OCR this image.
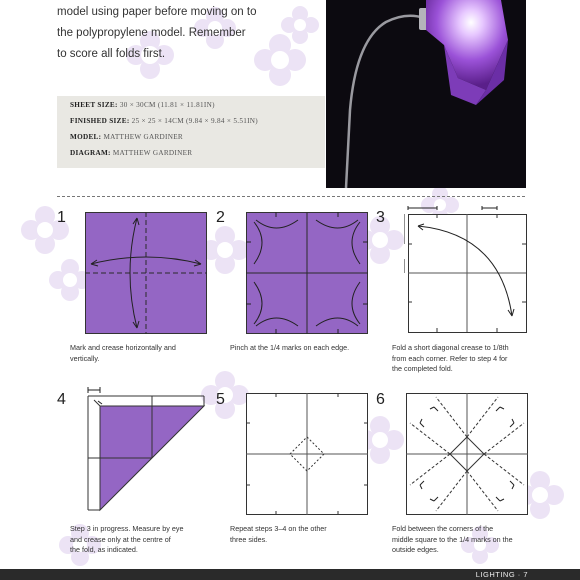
model using paper before moving on to
the polypropylene model. Remember
to score all folds first.
SHEET SIZE: 30 × 30CM (11.81 × 11.81IN)
FINISHED SIZE: 25 × 25 × 14CM (9.84 × 9.84 × 5.51IN)
MODEL: MATTHEW GARDINER
DIAGRAM: MATTHEW GARDINER
1	2	3
4	5	6
Mark and crease horizontally and
vertically.
Pinch at the 1/4 marks on each edge.	Fold a short diagonal crease to 1/8th
from each corner. Refer to step 4 for
the completed fold.
Step 3 in progress. Measure by eye
and crease only at the centre of
the fold, as indicated.
Repeat steps 3–4 on the other
three sides.
Fold between the corners of the
middle square to the 1/4 marks on the
outside edges.
LIGHTING · 7
